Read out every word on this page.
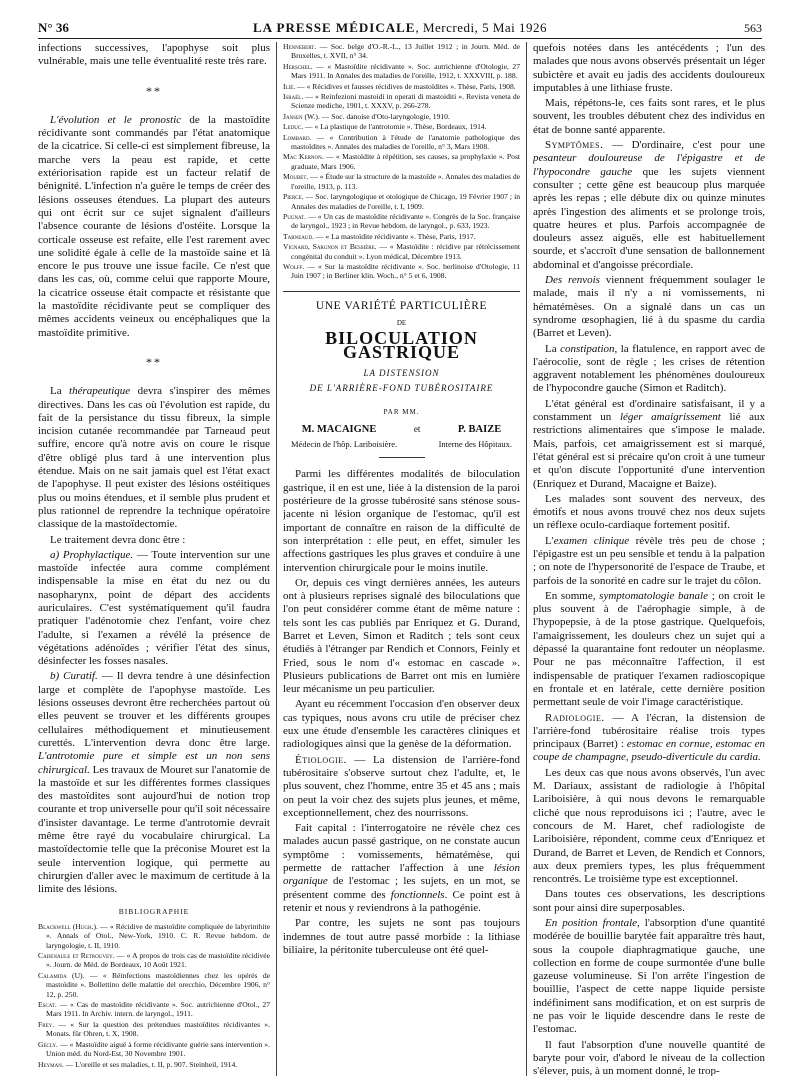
N° 36	LA PRESSE MÉDICALE, Mercredi, 5 Mai 1926	563

infections successives, l'apophyse soit plus vulnérable, mais une telle éventualité reste très rare.

**

L'évolution et le pronostic de la mastoïdite récidivante sont commandés par l'état anatomique de la cicatrice. Si celle-ci est simplement fibreuse, la marche vers la peau est rapide, et cette extériorisation rapide est un facteur relatif de bénignité. L'infection n'a guère le temps de créer des lésions osseuses étendues. La plupart des auteurs qui ont écrit sur ce sujet signalent d'ailleurs l'absence courante de lésions d'ostéite. Lorsque la corticale osseuse est refaite, elle l'est rarement avec une solidité égale à celle de la mastoïde saine et là encore le pus trouve une issue facile. Ce n'est que dans les cas, où, comme celui que rapporte Moure, la cicatrice osseuse était compacte et résistante que la mastoïdite récidivante peut se compliquer des mêmes accidents veineux ou encéphaliques que la mastoïdite primitive.

**

La thérapeutique devra s'inspirer des mêmes directives. Dans les cas où l'évolution est rapide, du fait de la persistance du tissu fibreux, la simple incision cutanée recommandée par Tarneaud peut suffire, encore qu'à notre avis on coure le risque d'être obligé plus tard à une intervention plus étendue. Mais on ne sait jamais quel est l'état exact de l'apophyse. Il peut exister des lésions ostéitiques plus ou moins étendues, et il semble plus prudent et plus rationnel de reprendre la technique opératoire classique de la mastoïdectomie.

Le traitement devra donc être :

a) Prophylactique. — Toute intervention sur une mastoïde infectée aura comme complément indispensable la mise en état du nez ou du nasopharynx, point de départ des accidents auriculaires. C'est systématiquement qu'il faudra pratiquer l'adénotomie chez l'enfant, voire chez l'adulte, si l'examen a révélé la présence de végétations adénoïdes ; vérifier l'état des sinus, désinfecter les fosses nasales.

b) Curatif. — Il devra tendre à une désinfection large et complète de l'apophyse mastoïde. Les lésions osseuses devront être recherchées partout où elles peuvent se trouver et les différents groupes cellulaires méthodiquement et minutieusement curettés. L'intervention devra donc être large. L'antrotomie pure et simple est un non sens chirurgical. Les travaux de Mouret sur l'anatomie de la mastoïde et sur les différentes formes classiques des mastoïdites sont aujourd'hui de notion trop courante et trop universelle pour qu'il soit nécessaire d'insister davantage. Le terme d'antrotomie devrait même être rayé du vocabulaire chirurgical. La mastoïdectomie telle que la préconise Mouret est la seule intervention logique, qui permette au chirurgien d'aller avec le maximum de certitude à la limite des lésions.

BIBLIOGRAPHIE

Blackwell (Hugh.). — « Récidive de mastoïdite compliquée de labyrinthite ». Annals of Otol., New-York, 1910. C. R. Revue hebdom. de laryngologie, t. II, 1910.

Cadenaule et Retrouvey. — « A propos de trois cas de mastoïdite récidivée ». Journ. de Méd. de Bordeaux, 10 Août 1921.

Calamida (U). — « Réinfections mastoïdiennes chez les opérés de mastoïdite ». Bollettino delle malattie del orecchio, Décembre 1906, n° 12, p. 250.

Escat. — « Cas de mastoïdite récidivante ». Soc. autrichienne d'Otol., 27 Mars 1911. In Archiv. intern. de laryngol., 1911.

Frey. — « Sur la question des prétendues mastoïdites récidivantes ». Monats. für Ohren, t. X, 1908.

Gécly. — « Mastoïdite aiguë à forme récidivante guérie sans intervention ». Union méd. du Nord-Est, 30 Novembre 1901.

Heyman. — L'oreille et ses maladies, t. II, p. 907. Steinheil, 1914.

Hennebert. — Soc. belge d'O.-R.-L., 13 Juillet 1912 ; in Journ. Méd. de Bruxelles, t. XVII, n° 34.

Herschel. — « Mastoïdite récidivante ». Soc. autrichienne d'Otologie, 27 Mars 1911. In Annales des maladies de l'oreille, 1912, t. XXXVIII, p. 188.

Ilié. — « Récidives et fausses récidives de mastoïdites ». Thèse, Paris, 1908.

Israël. — « Reinfezioni mastoidi in operati di mastoiditi ». Revista veneta de Scienze mediche, 1901, t. XXXV, p. 266-278.

Jansen (W.). — Soc. danoise d'Oto-laryngologie, 1910.

Leduc. — « La plastique de l'antrotomie ». Thèse, Bordeaux, 1914.

Lombard. — « Contribution à l'étude de l'anatomie pathologique des mastoïdites ». Annales des maladies de l'oreille, n° 3, Mars 1908.

Mac Kernon. — « Mastoïdite à répétition, ses causes, sa prophylaxie ». Post graduate, Mars 1906.

Mouret. — « Étude sur la structure de la mastoïde ». Annales des maladies de l'oreille, 1913, p. 113.

Pierce. — Soc. laryngologique et otologique de Chicago, 19 Février 1907 ; in Annales des maladies de l'oreille, t. I, 1909.

Pugnat. — « Un cas de mastoïdite récidivante ». Congrès de la Soc. française de laryngol., 1923 ; in Revue hebdom. de laryngol., p. 633, 1923.

Tarneaud. — « La mastoïdite récidivante ». Thèse, Paris, 1917.

Vignard, Sargnon et Bessière. — « Mastoïdite : récidive par rétrécissement congénital du conduit ». Lyon médical, Décembre 1913.

Wolff. — « Sur la mastoïdite récidivante ». Soc. berlinoise d'Otologie, 11 Juin 1907 ; in Berliner klin. Woch., n° 5 et 6, 1908.

UNE VARIÉTÉ PARTICULIÈRE
DE
BILOCULATION GASTRIQUE
LA DISTENSION
DE L'ARRIÈRE-FOND TUBÉROSITAIRE
PAR MM.
M. MACAIGNE	et	P. BAIZE
Médecin de l'hôp. Lariboisière.	Interne des Hôpitaux.

Parmi les différentes modalités de biloculation gastrique, il en est une, liée à la distension de la paroi postérieure de la grosse tubérosité sans sténose sous-jacente ni lésion organique de l'estomac, qu'il est important de connaître en raison de la difficulté de son interprétation : elle peut, en effet, simuler les affections gastriques les plus graves et conduire à une intervention chirurgicale pour le moins inutile.

Or, depuis ces vingt dernières années, les auteurs ont à plusieurs reprises signalé des biloculations que l'on peut considérer comme étant de même nature : tels sont les cas publiés par Enriquez et G. Durand, Barret et Leven, Simon et Raditch ; tels sont ceux étudiés à l'étranger par Rendich et Connors, Feinly et Fried, sous le nom d'« estomac en cascade ». Plusieurs publications de Barret ont mis en lumière leur mécanisme un peu particulier.

Ayant eu récemment l'occasion d'en observer deux cas typiques, nous avons cru utile de préciser chez eux une étude d'ensemble les caractères cliniques et radiologiques ainsi que la genèse de la déformation.

Étiologie. — La distension de l'arrière-fond tubérositaire s'observe surtout chez l'adulte, et, le plus souvent, chez l'homme, entre 35 et 45 ans ; mais on peut la voir chez des sujets plus jeunes, et même, exceptionnellement, chez des nourrissons.

Fait capital : l'interrogatoire ne révèle chez ces malades aucun passé gastrique, on ne constate aucun symptôme : vomissements, hématémèse, qui permette de rattacher l'affection à une lésion organique de l'estomac ; les sujets, en un mot, se présentent comme des fonctionnels. Ce point est à retenir et nous y reviendrons à la pathogénie.

Par contre, les sujets ne sont pas toujours indemnes de tout autre passé morbide : la lithiase biliaire, la péritonite tuberculeuse ont été quel-

quefois notées dans les antécédents ; l'un des malades que nous avons observés présentait un léger subictère et avait eu jadis des accidents douloureux imputables à une lithiase fruste.

Mais, répétons-le, ces faits sont rares, et le plus souvent, les troubles débutent chez des individus en état de bonne santé apparente.

Symptômes. — D'ordinaire, c'est pour une pesanteur douloureuse de l'épigastre et de l'hypocondre gauche que les sujets viennent consulter ; cette gêne est beaucoup plus marquée après les repas ; elle débute dix ou quinze minutes après l'ingestion des aliments et se prolonge trois, quatre heures et plus. Parfois accompagnée de douleurs assez aiguës, elle est habituellement sourde, et s'accroît d'une sensation de ballonnement abdominal et d'angoisse précordiale.

Des renvois viennent fréquemment soulager le malade, mais il n'y a ni vomissements, ni hématémèses. On a signalé dans un cas un syndrome œsophagien, lié à du spasme du cardia (Barret et Leven).

La constipation, la flatulence, en rapport avec de l'aérocolie, sont de règle ; les crises de rétention aggravent notablement les phénomènes douloureux de l'hypocondre gauche (Simon et Raditch).

L'état général est d'ordinaire satisfaisant, il y a constamment un léger amaigrissement lié aux restrictions alimentaires que s'impose le malade. Mais, parfois, cet amaigrissement est si marqué, l'état général est si précaire qu'on croit à une tumeur et qu'on discute l'opportunité d'une intervention (Enriquez et Durand, Macaigne et Baize).

Les malades sont souvent des nerveux, des émotifs et nous avons trouvé chez nos deux sujets un réflexe oculo-cardiaque fortement positif.

L'examen clinique révèle très peu de chose ; l'épigastre est un peu sensible et tendu à la palpation ; on note de l'hypersonorité de l'espace de Traube, et parfois de la sonorité en cadre sur le trajet du côlon.

En somme, symptomatologie banale ; on croit le plus souvent à de l'aérophagie simple, à de l'hypopepsie, à de la ptose gastrique. Quelquefois, l'amaigrissement, les douleurs chez un sujet qui a dépassé la quarantaine font redouter un néoplasme. Pour ne pas méconnaître l'affection, il est indispensable de pratiquer l'examen radioscopique en frontale et en latérale, cette dernière position permettant seule de voir l'image caractéristique.

Radiologie. — A l'écran, la distension de l'arrière-fond tubérositaire réalise trois types principaux (Barret) : estomac en cornue, estomac en coupe de champagne, pseudo-diverticule du cardia.

Les deux cas que nous avons observés, l'un avec M. Dariaux, assistant de radiologie à l'hôpital Lariboisière, à qui nous devons le remarquable cliché que nous reproduisons ici ; l'autre, avec le concours de M. Haret, chef radiologiste de Lariboisière, répondent, comme ceux d'Enriquez et Durand, de Barret et Leven, de Rendich et Connors, aux deux premiers types, les plus fréquemment rencontrés. Le troisième type est exceptionnel.

Dans toutes ces observations, les descriptions sont pour ainsi dire superposables.

En position frontale, l'absorption d'une quantité modérée de bouillie barytée fait apparaître très haut, sous la coupole diaphragmatique gauche, une collection en forme de coupe surmontée d'une bulle gazeuse volumineuse. Si l'on arrête l'ingestion de bouillie, l'aspect de cette nappe liquide persiste indéfiniment sans modification, et on est surpris de ne pas voir le liquide descendre dans le reste de l'estomac.

Il faut l'absorption d'une nouvelle quantité de baryte pour voir, d'abord le niveau de la collection s'élever, puis, à un moment donné, le trop-
